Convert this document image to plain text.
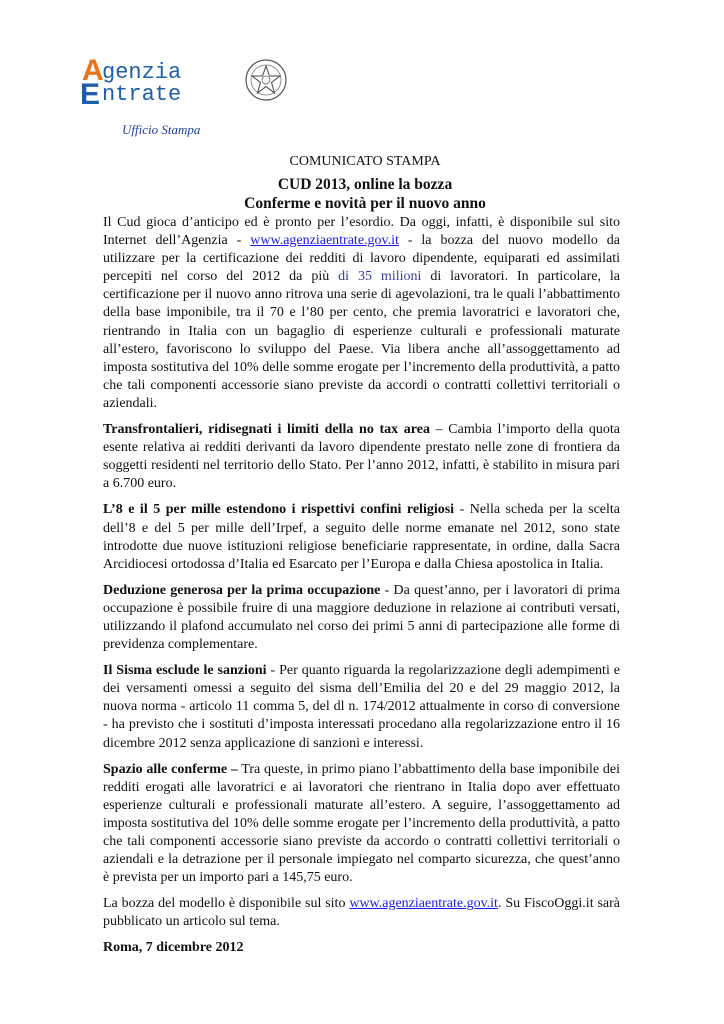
A
genzia
E ntrate
Ufficio Stampa
COMUNICATO STAMPA
CUD 2013, online la bozza
Conferme e novità per il nuovo anno

Il Cud gioca d’anticipo ed è pronto per l’esordio. Da oggi, infatti, è disponibile sul sito Internet dell’Agenzia - www.agenziaentrate.gov.it - la bozza del nuovo modello da utilizzare per la certificazione dei redditi di lavoro dipendente, equiparati ed assimilati percepiti nel corso del 2012 da più di 35 milioni di lavoratori. In particolare, la certificazione per il nuovo anno ritrova una serie di agevolazioni, tra le quali l’abbattimento della base imponibile, tra il 70 e l’80 per cento, che premia lavoratrici e lavoratori che, rientrando in Italia con un bagaglio di esperienze culturali e professionali maturate all’estero, favoriscono lo sviluppo del Paese. Via libera anche all’assoggettamento ad imposta sostitutiva del 10% delle somme erogate per l’incremento della produttività, a patto che tali componenti accessorie siano previste da accordi o contratti collettivi territoriali o aziendali.

Transfrontalieri, ridisegnati i limiti della no tax area – Cambia l’importo della quota esente relativa ai redditi derivanti da lavoro dipendente prestato nelle zone di frontiera da soggetti residenti nel territorio dello Stato. Per l’anno 2012, infatti, è stabilito in misura pari a 6.700 euro.

L’8 e il 5 per mille estendono i rispettivi confini religiosi - Nella scheda per la scelta dell’8 e del 5 per mille dell’Irpef, a seguito delle norme emanate nel 2012, sono state introdotte due nuove istituzioni religiose beneficiarie rappresentate, in ordine, dalla Sacra Arcidiocesi ortodossa d’Italia ed Esarcato per l’Europa e dalla Chiesa apostolica in Italia.

Deduzione generosa per la prima occupazione - Da quest’anno, per i lavoratori di prima occupazione è possibile fruire di una maggiore deduzione in relazione ai contributi versati, utilizzando il plafond accumulato nel corso dei primi 5 anni di partecipazione alle forme di previdenza complementare.

Il Sisma esclude le sanzioni - Per quanto riguarda la regolarizzazione degli adempimenti e dei versamenti omessi a seguito del sisma dell’Emilia del 20 e del 29 maggio 2012, la nuova norma - articolo 11 comma 5, del dl n. 174/2012 attualmente in corso di conversione - ha previsto che i sostituti d’imposta interessati procedano alla regolarizzazione entro il 16 dicembre 2012 senza applicazione di sanzioni e interessi.

Spazio alle conferme – Tra queste, in primo piano l’abbattimento della base imponibile dei redditi erogati alle lavoratrici e ai lavoratori che rientrano in Italia dopo aver effettuato esperienze culturali e professionali maturate all’estero. A seguire, l’assoggettamento ad imposta sostitutiva del 10% delle somme erogate per l’incremento della produttività, a patto che tali componenti accessorie siano previste da accordo o contratti collettivi territoriali o aziendali e la detrazione per il personale impiegato nel comparto sicurezza, che quest’anno è prevista per un importo pari a 145,75 euro.

La bozza del modello è disponibile sul sito www.agenziaentrate.gov.it. Su FiscoOggi.it sarà pubblicato un articolo sul tema.

Roma, 7 dicembre 2012
